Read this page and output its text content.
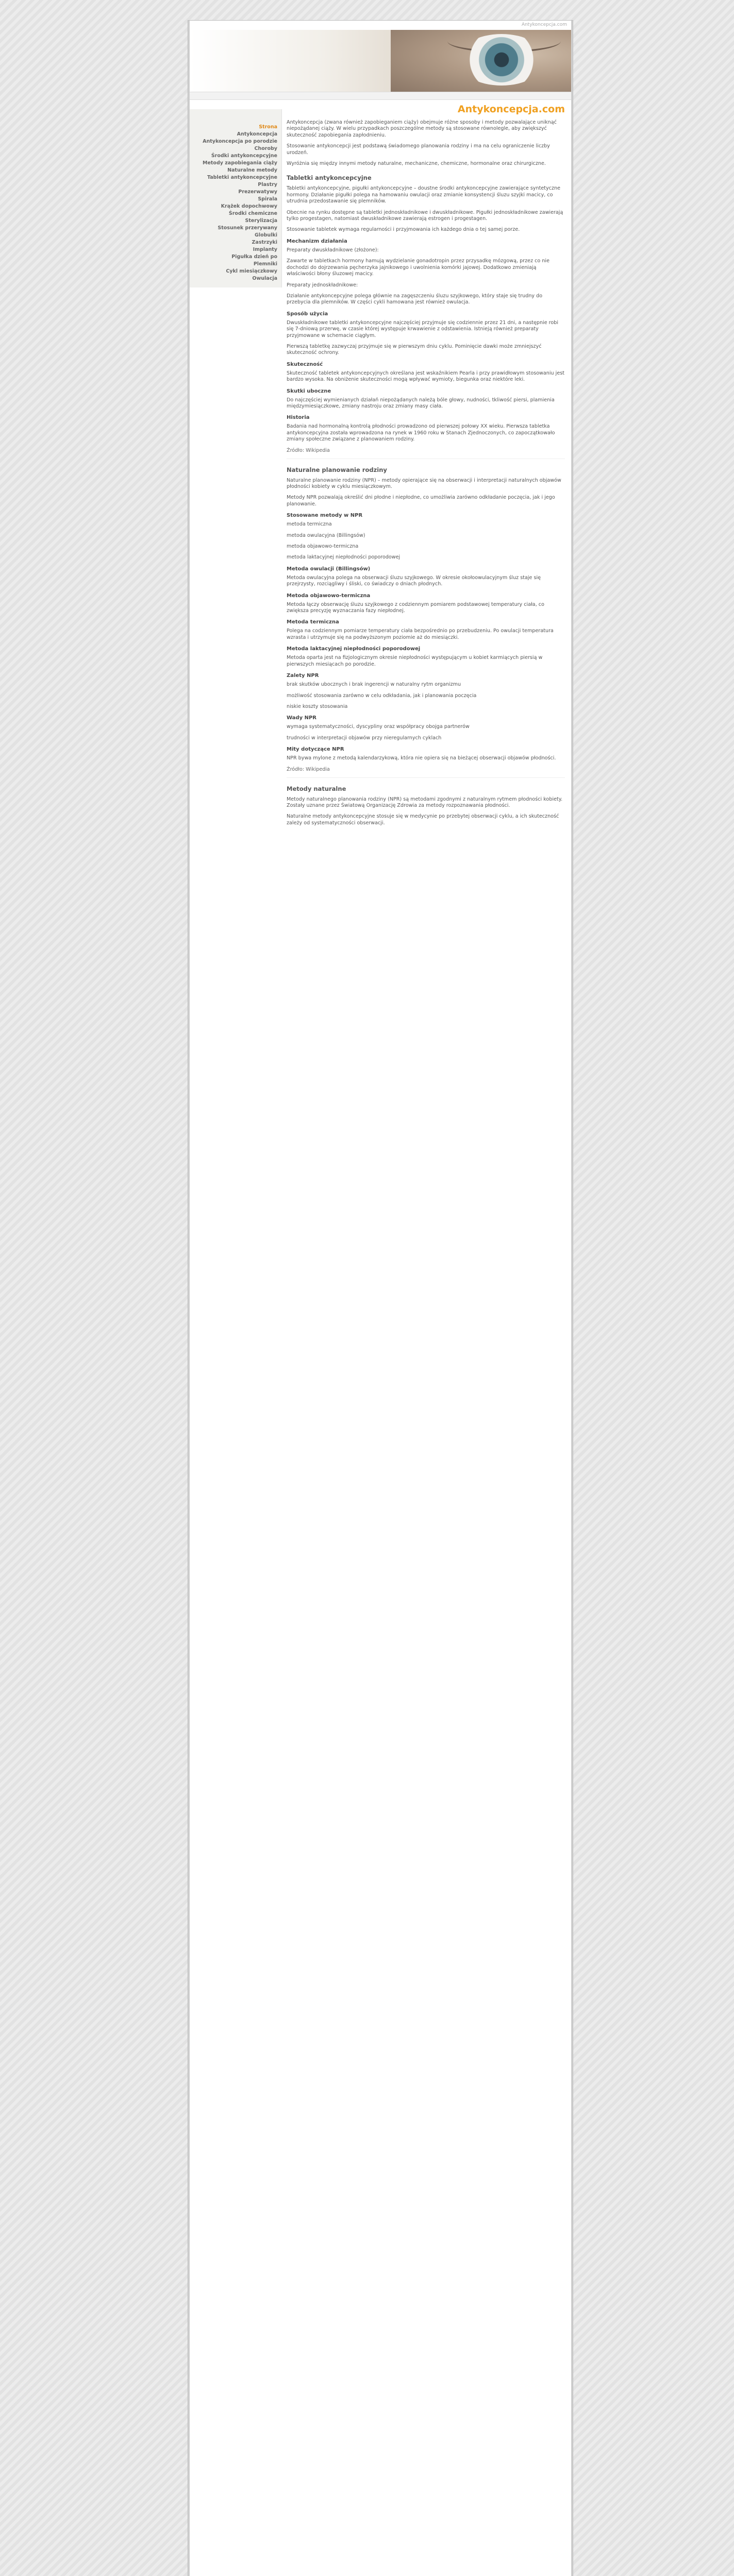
Antykoncepcja.com
Strona
Antykoncepcja
Antykoncepcja po porodzie
Choroby
Środki antykoncepcyjne
Metody zapobiegania ciąży
Naturalne metody
Tabletki antykoncepcyjne
Plastry
Prezerwatywy
Spirala
Krążek dopochwowy
Środki chemiczne
Sterylizacja
Stosunek przerywany
Globulki
Zastrzyki
Implanty
Pigułka dzień po
Plemniki
Cykl miesiączkowy
Owulacja
Antykoncepcja.com

Antykoncepcja (zwana również zapobieganiem ciąży) obejmuje różne sposoby i metody pozwalające uniknąć niepożądanej ciąży. W wielu przypadkach poszczególne metody są stosowane równolegle, aby zwiększyć skuteczność zapobiegania zapłodnieniu.

Stosowanie antykoncepcji jest podstawą świadomego planowania rodziny i ma na celu ograniczenie liczby urodzeń.

Wyróżnia się między innymi metody naturalne, mechaniczne, chemiczne, hormonalne oraz chirurgiczne.

Tabletki antykoncepcyjne

Tabletki antykoncepcyjne, pigułki antykoncepcyjne – doustne środki antykoncepcyjne zawierające syntetyczne hormony. Działanie pigułki polega na hamowaniu owulacji oraz zmianie konsystencji śluzu szyjki macicy, co utrudnia przedostawanie się plemników.

Obecnie na rynku dostępne są tabletki jednoskładnikowe i dwuskładnikowe. Pigułki jednoskładnikowe zawierają tylko progestagen, natomiast dwuskładnikowe zawierają estrogen i progestagen.

Stosowanie tabletek wymaga regularności i przyjmowania ich każdego dnia o tej samej porze.

Mechanizm działania

Preparaty dwuskładnikowe (złożone):

Zawarte w tabletkach hormony hamują wydzielanie gonadotropin przez przysadkę mózgową, przez co nie dochodzi do dojrzewania pęcherzyka jajnikowego i uwolnienia komórki jajowej. Dodatkowo zmieniają właściwości błony śluzowej macicy.

Preparaty jednoskładnikowe:

Działanie antykoncepcyjne polega głównie na zagęszczeniu śluzu szyjkowego, który staje się trudny do przebycia dla plemników. W części cykli hamowana jest również owulacja.

Sposób użycia

Dwuskładnikowe tabletki antykoncepcyjne najczęściej przyjmuje się codziennie przez 21 dni, a następnie robi się 7-dniową przerwę, w czasie której występuje krwawienie z odstawienia. Istnieją również preparaty przyjmowane w schemacie ciągłym.

Pierwszą tabletkę zazwyczaj przyjmuje się w pierwszym dniu cyklu. Pominięcie dawki może zmniejszyć skuteczność ochrony.

Skuteczność

Skuteczność tabletek antykoncepcyjnych określana jest wskaźnikiem Pearla i przy prawidłowym stosowaniu jest bardzo wysoka. Na obniżenie skuteczności mogą wpływać wymioty, biegunka oraz niektóre leki.

Skutki uboczne

Do najczęściej wymienianych działań niepożądanych należą bóle głowy, nudności, tkliwość piersi, plamienia międzymiesiączkowe, zmiany nastroju oraz zmiany masy ciała.

Historia

Badania nad hormonalną kontrolą płodności prowadzono od pierwszej połowy XX wieku. Pierwsza tabletka antykoncepcyjna została wprowadzona na rynek w 1960 roku w Stanach Zjednoczonych, co zapoczątkowało zmiany społeczne związane z planowaniem rodziny.

Źródło: Wikipedia
Naturalne planowanie rodziny

Naturalne planowanie rodziny (NPR) – metody opierające się na obserwacji i interpretacji naturalnych objawów płodności kobiety w cyklu miesiączkowym.

Metody NPR pozwalają określić dni płodne i niepłodne, co umożliwia zarówno odkładanie poczęcia, jak i jego planowanie.

Stosowane metody w NPR

metoda termiczna

metoda owulacyjna (Billingsów)

metoda objawowo-termiczna

metoda laktacyjnej niepłodności poporodowej

Metoda owulacji (Billingsów)

Metoda owulacyjna polega na obserwacji śluzu szyjkowego. W okresie okołoowulacyjnym śluz staje się przejrzysty, rozciągliwy i śliski, co świadczy o dniach płodnych.

Metoda objawowo-termiczna

Metoda łączy obserwację śluzu szyjkowego z codziennym pomiarem podstawowej temperatury ciała, co zwiększa precyzję wyznaczania fazy niepłodnej.

Metoda termiczna

Polega na codziennym pomiarze temperatury ciała bezpośrednio po przebudzeniu. Po owulacji temperatura wzrasta i utrzymuje się na podwyższonym poziomie aż do miesiączki.

Metoda laktacyjnej niepłodności poporodowej

Metoda oparta jest na fizjologicznym okresie niepłodności występującym u kobiet karmiących piersią w pierwszych miesiącach po porodzie.

Zalety NPR

brak skutków ubocznych i brak ingerencji w naturalny rytm organizmu

możliwość stosowania zarówno w celu odkładania, jak i planowania poczęcia

niskie koszty stosowania

Wady NPR

wymaga systematyczności, dyscypliny oraz współpracy obojga partnerów

trudności w interpretacji objawów przy nieregularnych cyklach

Mity dotyczące NPR

NPR bywa mylone z metodą kalendarzykową, która nie opiera się na bieżącej obserwacji objawów płodności.

Źródło: Wikipedia
Metody naturalne

Metody naturalnego planowania rodziny (NPR) są metodami zgodnymi z naturalnym rytmem płodności kobiety. Zostały uznane przez Światową Organizację Zdrowia za metody rozpoznawania płodności.

Naturalne metody antykoncepcyjne stosuje się w medycynie po przebytej obserwacji cyklu, a ich skuteczność zależy od systematyczności obserwacji.
